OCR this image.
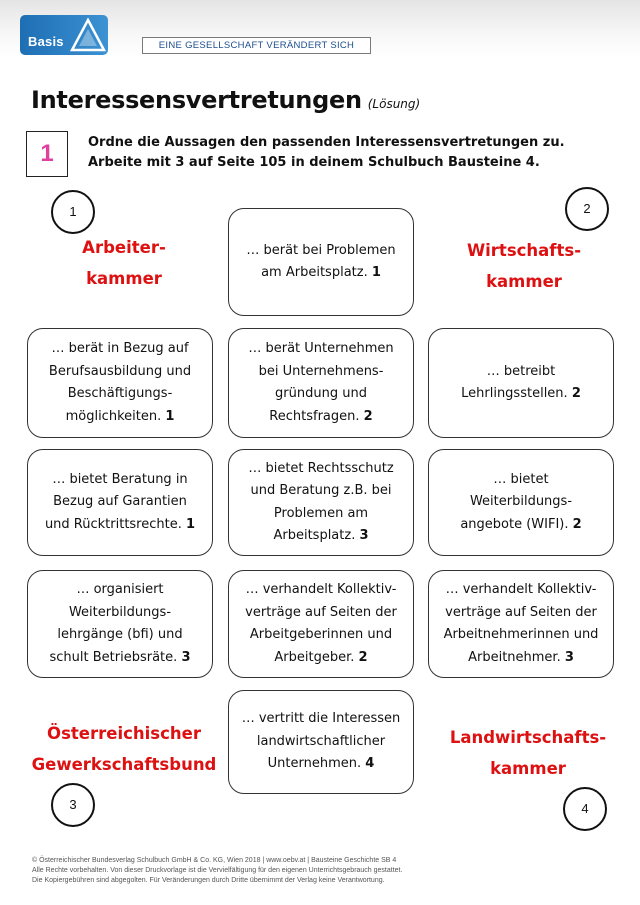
Basis	EINE GESELLSCHAFT VERÄNDERT SICH
Interessensvertretungen (Lösung)
1	Ordne die Aussagen den passenden Interessensvertretungen zu.
Arbeite mit 3 auf Seite 105 in deinem Schulbuch Bausteine 4.
1	2
3	4
Arbeiter-
kammer
Wirtschafts-
kammer
Österreichischer
Gewerkschaftsbund
Landwirtschafts-
kammer
… berät bei Problemen
am Arbeitsplatz. 1
… berät in Bezug auf
Berufsausbildung und
Beschäftigungs-
möglichkeiten. 1
… berät Unternehmen
bei Unternehmens-
gründung und
Rechtsfragen. 2
… betreibt
Lehrlingsstellen. 2
… bietet Beratung in
Bezug auf Garantien
und Rücktrittsrechte. 1
… bietet Rechtsschutz
und Beratung z.B. bei
Problemen am
Arbeitsplatz. 3
… bietet
Weiterbildungs-
angebote (WIFI). 2
… organisiert
Weiterbildungs-
lehrgänge (bfi) und
schult Betriebsräte. 3
… verhandelt Kollektiv-
verträge auf Seiten der
Arbeitgeberinnen und
Arbeitgeber. 2
… verhandelt Kollektiv-
verträge auf Seiten der
Arbeitnehmerinnen und
Arbeitnehmer. 3
… vertritt die Interessen
landwirtschaftlicher
Unternehmen. 4
© Österreichischer Bundesverlag Schulbuch GmbH & Co. KG, Wien 2018 | www.oebv.at | Bausteine Geschichte SB 4
Alle Rechte vorbehalten. Von dieser Druckvorlage ist die Vervielfältigung für den eigenen Unterrichtsgebrauch gestattet.
Die Kopiergebühren sind abgegolten. Für Veränderungen durch Dritte übernimmt der Verlag keine Verantwortung.
